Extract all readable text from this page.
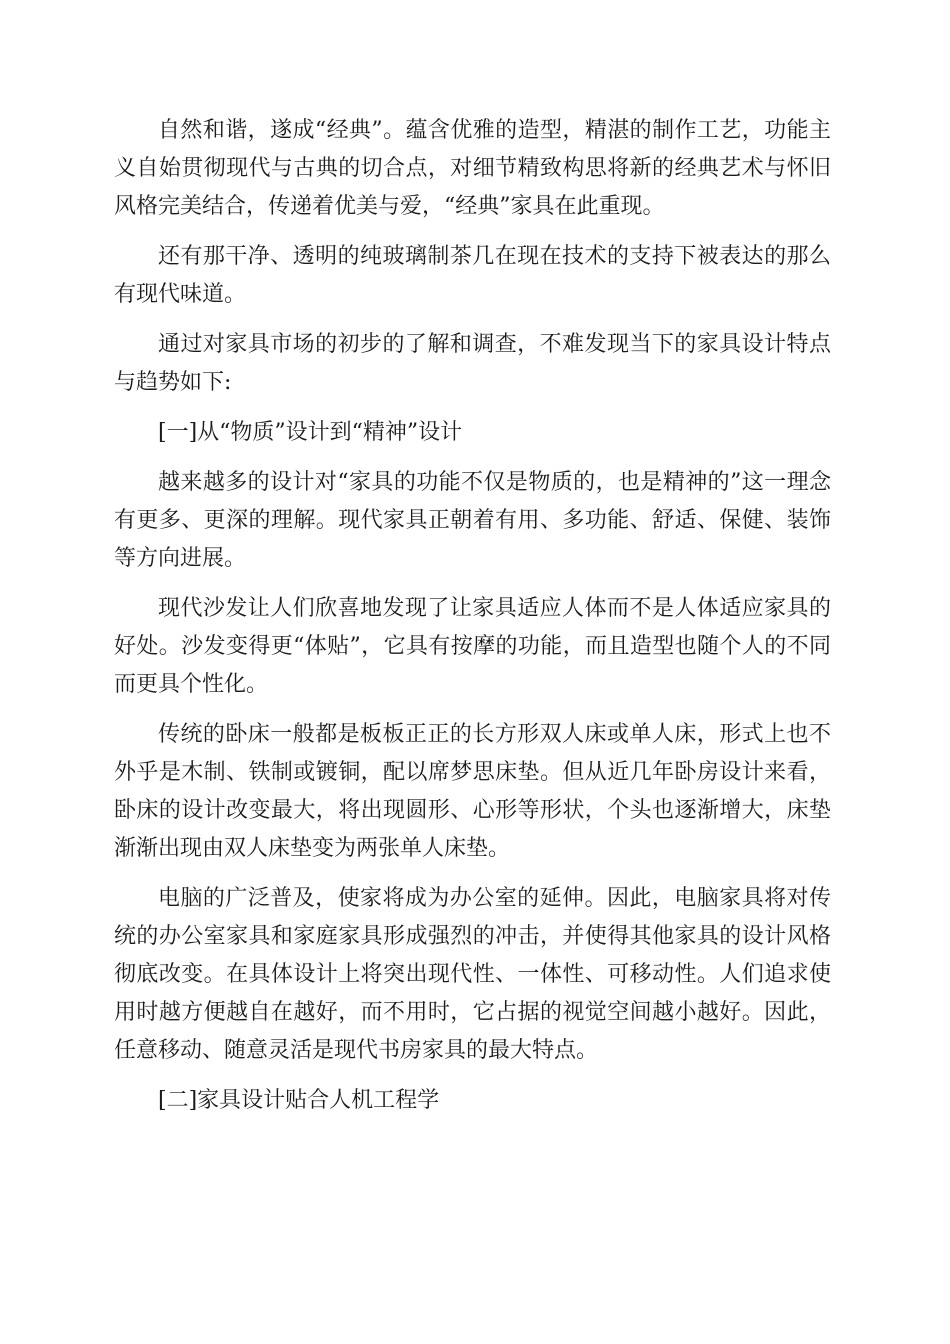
自然和谐，遂成“经典”。蕴含优雅的造型，精湛的制作工艺，功能主义自始贯彻现代与古典的切合点，对细节精致构思将新的经典艺术与怀旧风格完美结合，传递着优美与爱，“经典”家具在此重现。

还有那干净、透明的纯玻璃制茶几在现在技术的支持下被表达的那么有现代味道。

通过对家具市场的初步的了解和调查，不难发现当下的家具设计特点与趋势如下:

[一]从“物质”设计到“精神”设计

越来越多的设计对“家具的功能不仅是物质的，也是精神的”这一理念有更多、更深的理解。现代家具正朝着有用、多功能、舒适、保健、装饰等方向进展。

现代沙发让人们欣喜地发现了让家具适应人体而不是人体适应家具的好处。沙发变得更“体贴”，它具有按摩的功能，而且造型也随个人的不同而更具个性化。

传统的卧床一般都是板板正正的长方形双人床或单人床，形式上也不外乎是木制、铁制或镀铜，配以席梦思床垫。但从近几年卧房设计来看，卧床的设计改变最大，将出现圆形、心形等形状，个头也逐渐增大，床垫渐渐出现由双人床垫变为两张单人床垫。

电脑的广泛普及，使家将成为办公室的延伸。因此，电脑家具将对传统的办公室家具和家庭家具形成强烈的冲击，并使得其他家具的设计风格彻底改变。在具体设计上将突出现代性、一体性、可移动性。人们追求使用时越方便越自在越好，而不用时，它占据的视觉空间越小越好。因此，任意移动、随意灵活是现代书房家具的最大特点。

[二]家具设计贴合人机工程学
